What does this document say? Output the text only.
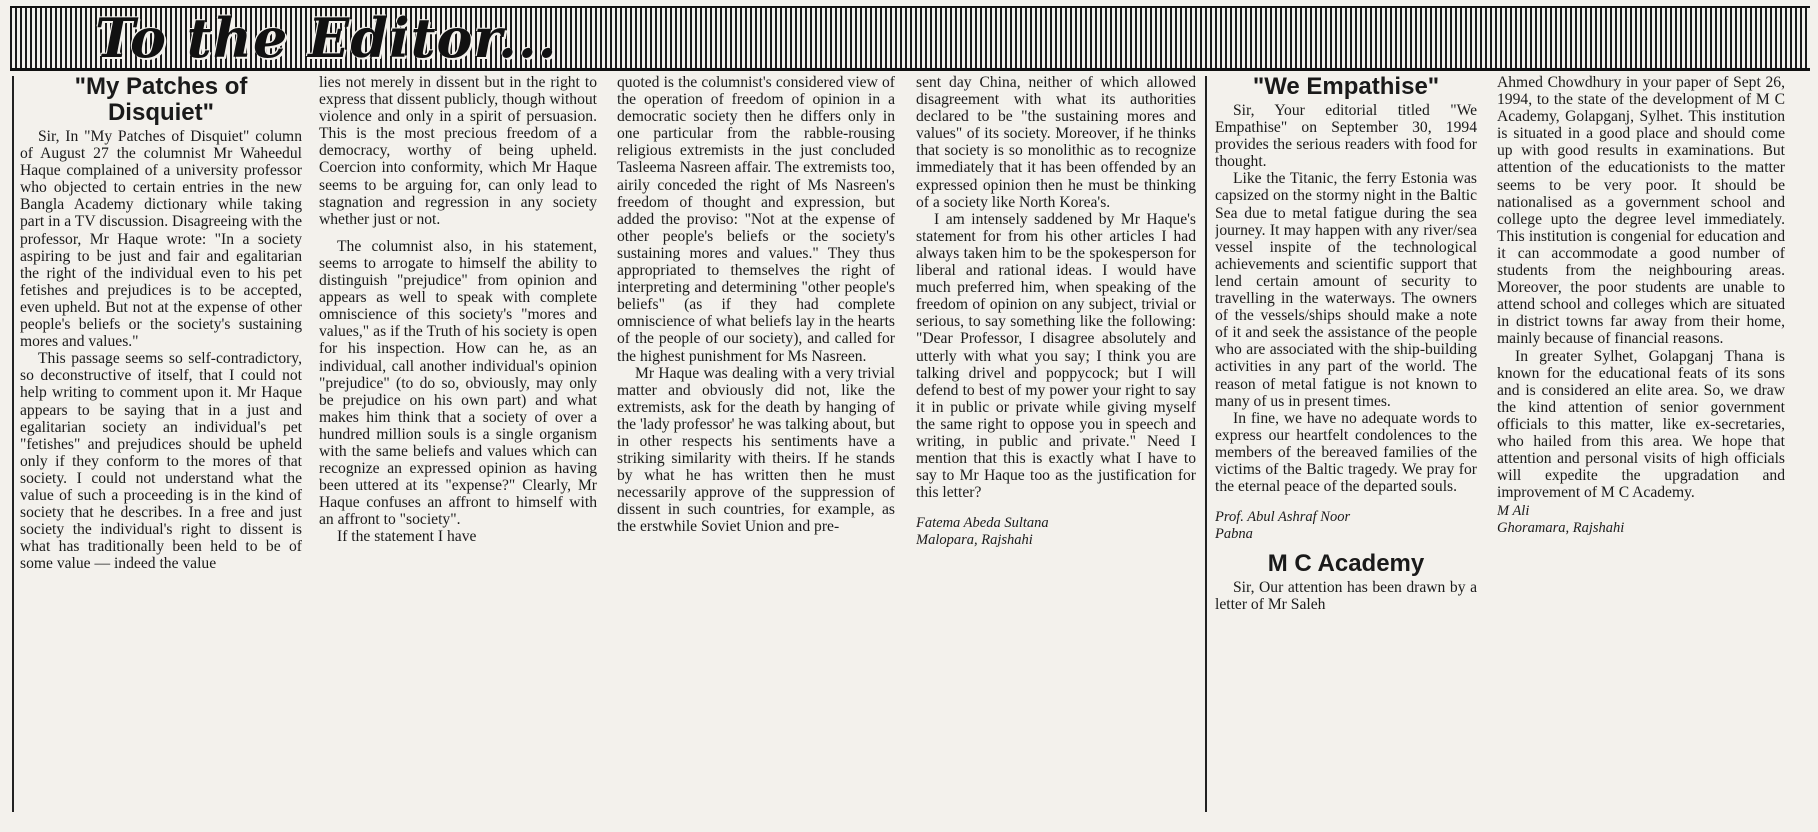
To the Editor...
"My Patches of Disquiet"

Sir, In "My Patches of Disquiet" column of August 27 the columnist Mr Waheedul Haque complained of a university professor who objected to certain entries in the new Bangla Academy dictionary while taking part in a TV discussion. Disagreeing with the professor, Mr Haque wrote: "In a society aspiring to be just and fair and egalitarian the right of the individual even to his pet fetishes and prejudices is to be accepted, even upheld. But not at the expense of other people's beliefs or the society's sustaining mores and values."

This passage seems so self-contradictory, so deconstructive of itself, that I could not help writing to comment upon it. Mr Haque appears to be saying that in a just and egalitarian society an individual's pet "fetishes" and prejudices should be upheld only if they conform to the mores of that society. I could not understand what the value of such a proceeding is in the kind of society that he describes. In a free and just society the individual's right to dissent is what has traditionally been held to be of some value — indeed the value

lies not merely in dissent but in the right to express that dissent publicly, though without violence and only in a spirit of persuasion. This is the most precious freedom of a democracy, worthy of being upheld. Coercion into conformity, which Mr Haque seems to be arguing for, can only lead to stagnation and regression in any society whether just or not.

The columnist also, in his statement, seems to arrogate to himself the ability to distinguish "prejudice" from opinion and appears as well to speak with complete omniscience of this society's "mores and values," as if the Truth of his society is open for his inspection. How can he, as an individual, call another individual's opinion "prejudice" (to do so, obviously, may only be prejudice on his own part) and what makes him think that a society of over a hundred million souls is a single organism with the same beliefs and values which can recognize an expressed opinion as having been uttered at its "expense?" Clearly, Mr Haque confuses an affront to himself with an affront to "society".

If the statement I have

quoted is the columnist's considered view of the operation of freedom of opinion in a democratic society then he differs only in one particular from the rabble-rousing religious extremists in the just concluded Tasleema Nasreen affair. The extremists too, airily conceded the right of Ms Nasreen's freedom of thought and expression, but added the proviso: "Not at the expense of other people's beliefs or the society's sustaining mores and values." They thus appropriated to themselves the right of interpreting and determining "other people's beliefs" (as if they had complete omniscience of what beliefs lay in the hearts of the people of our society), and called for the highest punishment for Ms Nasreen.

Mr Haque was dealing with a very trivial matter and obviously did not, like the extremists, ask for the death by hanging of the 'lady professor' he was talking about, but in other respects his sentiments have a striking similarity with theirs. If he stands by what he has written then he must necessarily approve of the suppression of dissent in such countries, for example, as the erstwhile Soviet Union and pre-

sent day China, neither of which allowed disagreement with what its authorities declared to be "the sustaining mores and values" of its society. Moreover, if he thinks that society is so monolithic as to recognize immediately that it has been offended by an expressed opinion then he must be thinking of a society like North Korea's.

I am intensely saddened by Mr Haque's statement for from his other articles I had always taken him to be the spokesperson for liberal and rational ideas. I would have much preferred him, when speaking of the freedom of opinion on any subject, trivial or serious, to say something like the following: "Dear Professor, I disagree absolutely and utterly with what you say; I think you are talking drivel and poppycock; but I will defend to best of my power your right to say it in public or private while giving myself the same right to oppose you in speech and writing, in public and private." Need I mention that this is exactly what I have to say to Mr Haque too as the justification for this letter?

Fatema Abeda Sultana

Malopara, Rajshahi

"We Empathise"

Sir, Your editorial titled "We Empathise" on September 30, 1994 provides the serious readers with food for thought.

Like the Titanic, the ferry Estonia was capsized on the stormy night in the Baltic Sea due to metal fatigue during the sea journey. It may happen with any river/sea vessel inspite of the technological achievements and scientific support that lend certain amount of security to travelling in the waterways. The owners of the vessels/ships should make a note of it and seek the assistance of the people who are associated with the ship-building activities in any part of the world. The reason of metal fatigue is not known to many of us in present times.

In fine, we have no adequate words to express our heartfelt condolences to the members of the bereaved families of the victims of the Baltic tragedy. We pray for the eternal peace of the departed souls.

Prof. Abul Ashraf Noor

Pabna

M C Academy

Sir, Our attention has been drawn by a letter of Mr Saleh

Ahmed Chowdhury in your paper of Sept 26, 1994, to the state of the development of M C Academy, Golapganj, Sylhet. This institution is situated in a good place and should come up with good results in examinations. But attention of the educationists to the matter seems to be very poor. It should be nationalised as a government school and college upto the degree level immediately. This institution is congenial for education and it can accommodate a good number of students from the neighbouring areas. Moreover, the poor students are unable to attend school and colleges which are situated in district towns far away from their home, mainly because of financial reasons.

In greater Sylhet, Golapganj Thana is known for the educational feats of its sons and is considered an elite area. So, we draw the kind attention of senior government officials to this matter, like ex-secretaries, who hailed from this area. We hope that attention and personal visits of high officials will expedite the upgradation and improvement of M C Academy.

M Ali

Ghoramara, Rajshahi
